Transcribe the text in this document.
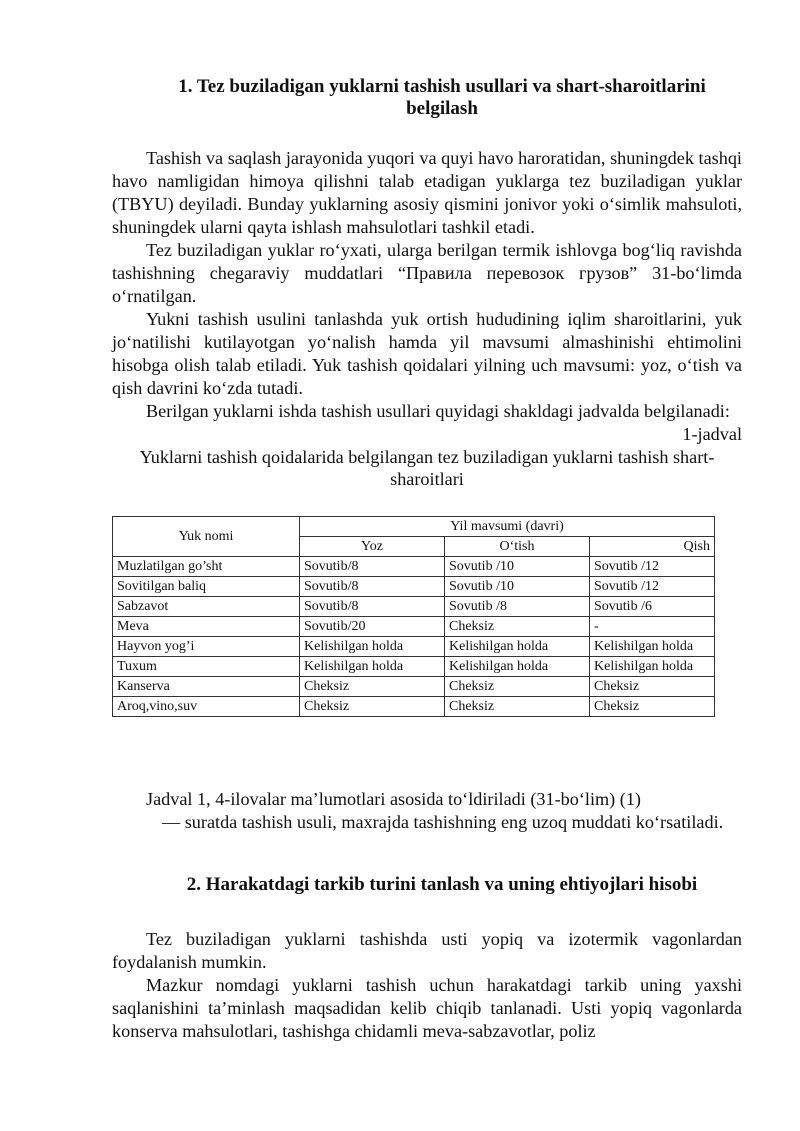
1. Tez buziladigan yuklarni tashish usullari va shart-sharoitlarini belgilash

Tashish va saqlash jarayonida yuqori va quyi havo haroratidan, shuningdek tashqi havo namligidan himoya qilishni talab etadigan yuklarga tez buziladigan yuklar (TBYU) deyiladi. Bunday yuklarning asosiy qismini jonivor yoki o‘simlik mahsuloti, shuningdek ularni qayta ishlash mahsulotlari tashkil etadi.

Tez buziladigan yuklar ro‘yxati, ularga berilgan termik ishlovga bog‘liq ravishda tashishning chegaraviy muddatlari “Правила перевозок грузов” 31-bo‘limda o‘rnatilgan.

Yukni tashish usulini tanlashda yuk ortish hududining iqlim sharoitlarini, yuk jo‘natilishi kutilayotgan yo‘nalish hamda yil mavsumi almashinishi ehtimolini hisobga olish talab etiladi. Yuk tashish qoidalari yilning uch mavsumi: yoz, o‘tish va qish davrini ko‘zda tutadi.

Berilgan yuklarni ishda tashish usullari quyidagi shakldagi jadvalda belgilanadi:

1-jadval

Yuklarni tashish qoidalarida belgilangan tez buziladigan yuklarni tashish shart-sharoitlari

Yuk nomi	Yil mavsumi (davri)		
	Yoz	O‘tish	Qish
Muzlatilgan go’sht	Sovutib/8	Sovutib /10	Sovutib /12
Sovitilgan baliq	Sovutib/8	Sovutib /10	Sovutib /12
Sabzavot	Sovutib/8	Sovutib /8	Sovutib /6
Meva	Sovutib/20	Cheksiz	-
Hayvon yog’i	Kelishilgan holda	Kelishilgan holda	Kelishilgan holda
Tuxum	Kelishilgan holda	Kelishilgan holda	Kelishilgan holda
Kanserva	Cheksiz	Cheksiz	Cheksiz
Aroq,vino,suv	Cheksiz	Cheksiz	Cheksiz

Jadval 1, 4-ilovalar ma’lumotlari asosida to‘ldiriladi (31-bo‘lim) (1)

— suratda tashish usuli, maxrajda tashishning eng uzoq muddati ko‘rsatiladi.

2. Harakatdagi tarkib turini tanlash va uning ehtiyojlari hisobi

Tez buziladigan yuklarni tashishda usti yopiq va izotermik vagonlardan foydalanish mumkin.

Mazkur nomdagi yuklarni tashish uchun harakatdagi tarkib uning yaxshi saqlanishini ta’minlash maqsadidan kelib chiqib tanlanadi. Usti yopiq vagonlarda konserva mahsulotlari, tashishga chidamli meva-sabzavotlar, poliz
